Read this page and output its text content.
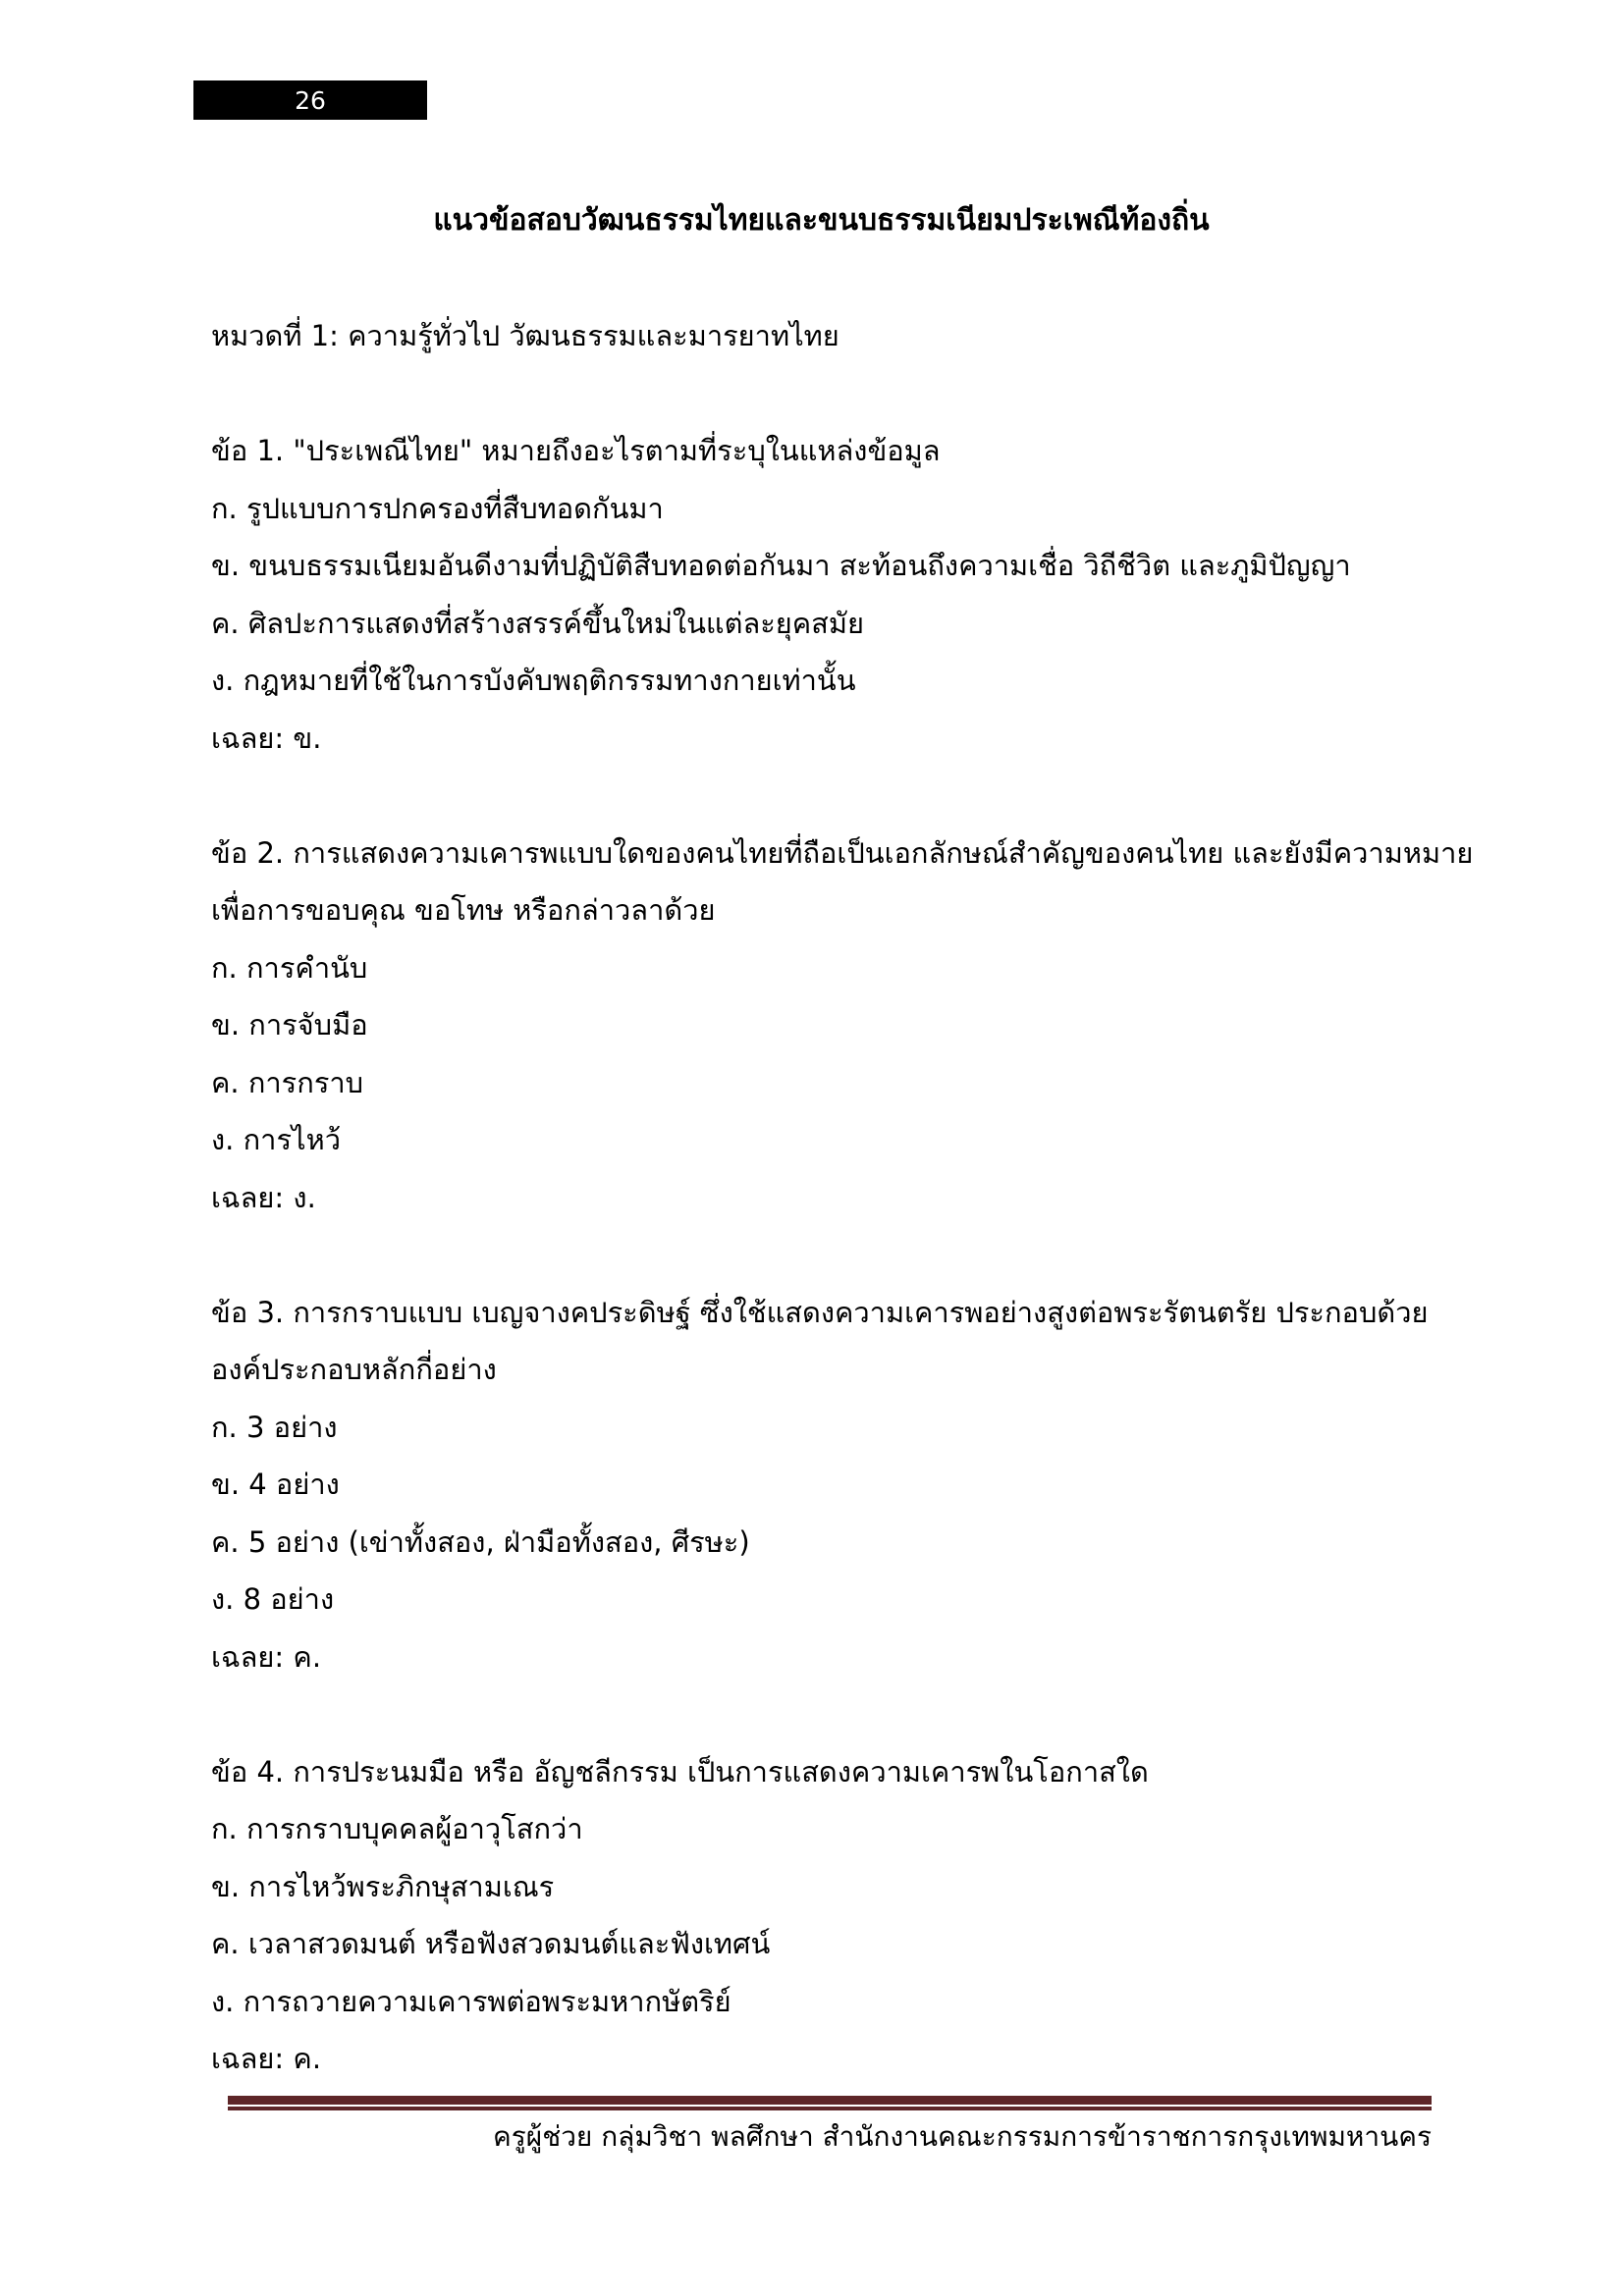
26
แนวข้อสอบวัฒนธรรมไทยและขนบธรรมเนียมประเพณีท้องถิ่น
หมวดที่ 1: ความรู้ทั่วไป วัฒนธรรมและมารยาทไทย
ข้อ 1. "ประเพณีไทย" หมายถึงอะไรตามที่ระบุในแหล่งข้อมูล
ก. รูปแบบการปกครองที่สืบทอดกันมา
ข. ขนบธรรมเนียมอันดีงามที่ปฏิบัติสืบทอดต่อกันมา สะท้อนถึงความเชื่อ วิถีชีวิต และภูมิปัญญา
ค. ศิลปะการแสดงที่สร้างสรรค์ขึ้นใหม่ในแต่ละยุคสมัย
ง. กฎหมายที่ใช้ในการบังคับพฤติกรรมทางกายเท่านั้น
เฉลย: ข.
ข้อ 2. การแสดงความเคารพแบบใดของคนไทยที่ถือเป็นเอกลักษณ์สำคัญของคนไทย และยังมีความหมาย
เพื่อการขอบคุณ ขอโทษ หรือกล่าวลาด้วย
ก. การคำนับ
ข. การจับมือ
ค. การกราบ
ง. การไหว้
เฉลย: ง.
ข้อ 3. การกราบแบบ เบญจางคประดิษฐ์ ซึ่งใช้แสดงความเคารพอย่างสูงต่อพระรัตนตรัย ประกอบด้วย
องค์ประกอบหลักกี่อย่าง
ก. 3 อย่าง
ข. 4 อย่าง
ค. 5 อย่าง (เข่าทั้งสอง, ฝ่ามือทั้งสอง, ศีรษะ)
ง. 8 อย่าง
เฉลย: ค.
ข้อ 4. การประนมมือ หรือ อัญชลีกรรม เป็นการแสดงความเคารพในโอกาสใด
ก. การกราบบุคคลผู้อาวุโสกว่า
ข. การไหว้พระภิกษุสามเณร
ค. เวลาสวดมนต์ หรือฟังสวดมนต์และฟังเทศน์
ง. การถวายความเคารพต่อพระมหากษัตริย์
เฉลย: ค.
ครูผู้ช่วย กลุ่มวิชา พลศึกษา สำนักงานคณะกรรมการข้าราชการกรุงเทพมหานคร
